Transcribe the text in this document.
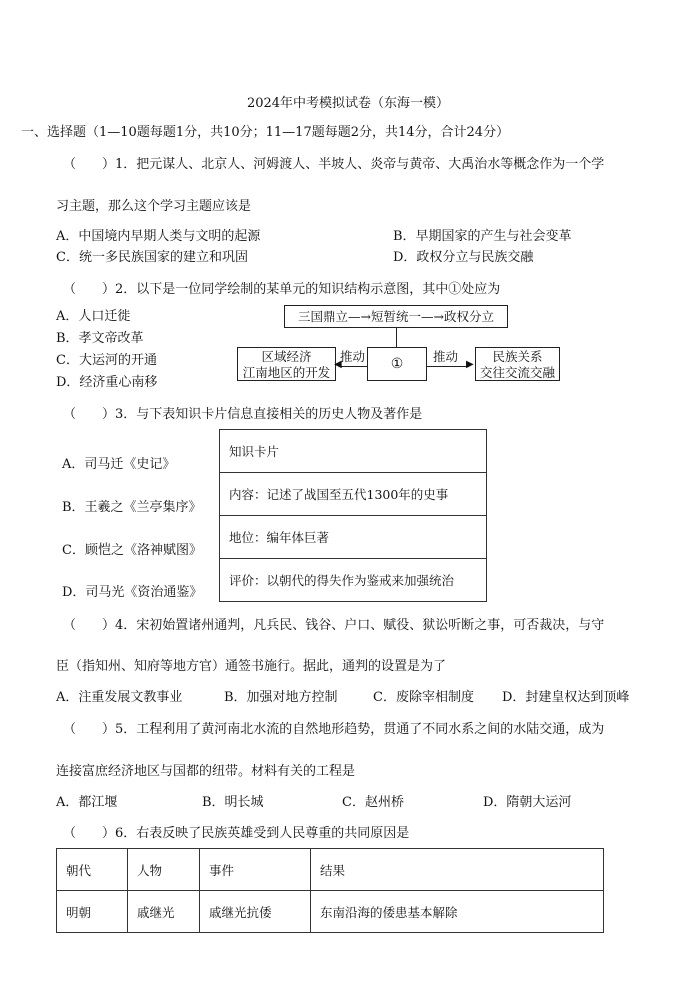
2024年中考模拟试卷（东海一模）
一、选择题（1—10题每题1分，共10分；11—17题每题2分，共14分，合计24分）
（　　）1．把元谋人、北京人、河姆渡人、半坡人、炎帝与黄帝、大禹治水等概念作为一个学
习主题，那么这个学习主题应该是
A．中国境内早期人类与文明的起源	B．早期国家的产生与社会变革
C．统一多民族国家的建立和巩固	D．政权分立与民族交融
（　　）2．以下是一位同学绘制的某单元的知识结构示意图，其中①处应为
A．人口迁徙
B．孝文帝改革
C．大运河的开通
D．经济重心南移
三国鼎立—→短暂统一—→政权分立
区域经济
江南地区的开发
①	民族关系
交往交流交融
推动
◀
推动
▶
（　　）3．与下表知识卡片信息直接相关的历史人物及著作是
A．司马迁《史记》
B．王羲之《兰亭集序》
C．顾恺之《洛神赋图》
D．司马光《资治通鉴》
知识卡片
内容：记述了战国至五代1300年的史事
地位：编年体巨著
评价：以朝代的得失作为鉴戒来加强统治
（　　）4．宋初始置诸州通判，凡兵民、钱谷、户口、赋役、狱讼听断之事，可否裁决，与守
臣（指知州、知府等地方官）通签书施行。据此，通判的设置是为了
A．注重发展文教事业	B．加强对地方控制	C．废除宰相制度 D．封建皇权达到顶峰
（　　）5．工程利用了黄河南北水流的自然地形趋势，贯通了不同水系之间的水陆交通，成为
连接富庶经济地区与国都的纽带。材料有关的工程是
A．都江堰	B．明长城	C．赵州桥	D．隋朝大运河
（　　）6．右表反映了民族英雄受到人民尊重的共同原因是
朝代	人物	事件	结果
明朝	戚继光	戚继光抗倭	东南沿海的倭患基本解除
